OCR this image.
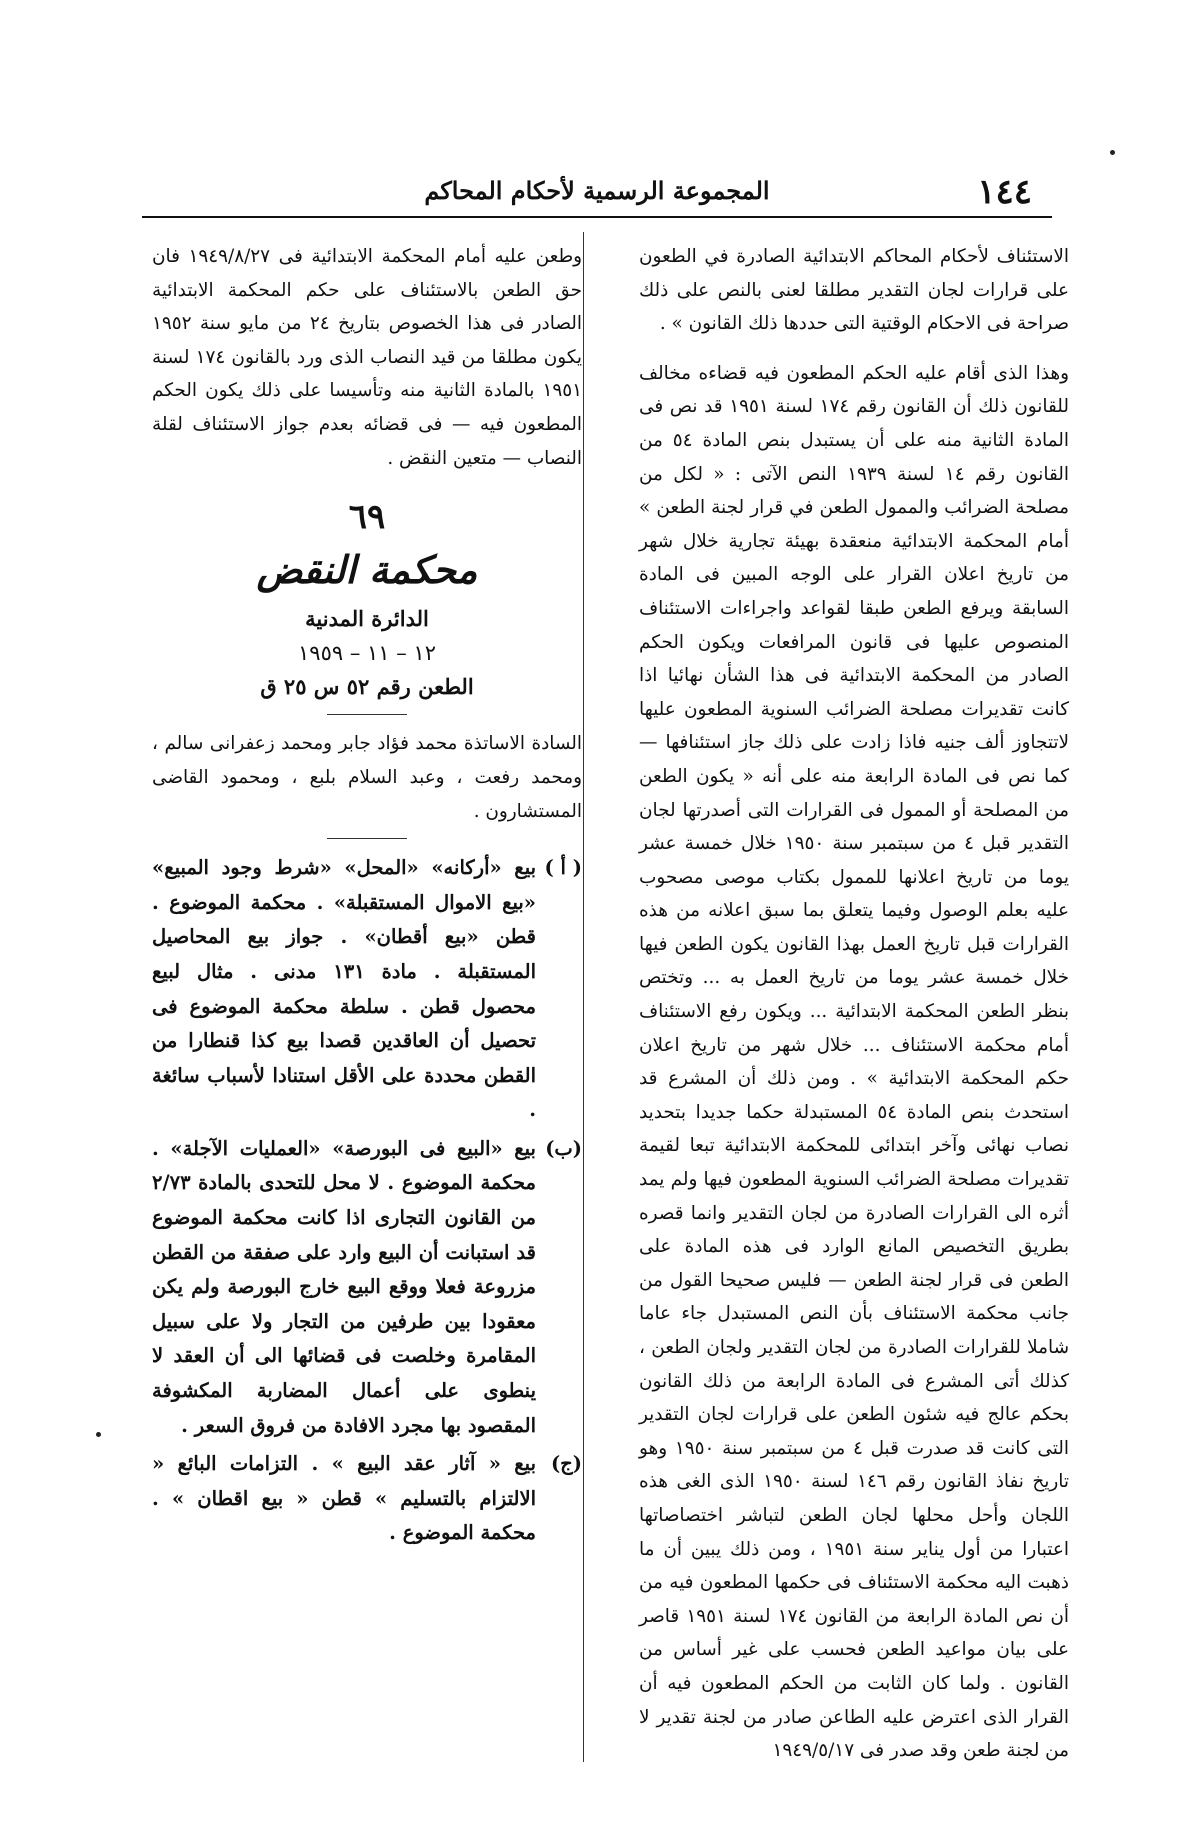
١٤٤
المجموعة الرسمية لأحكام المحاكم

الاستئناف لأحكام المحاكم الابتدائية الصادرة في الطعون على قرارات لجان التقدير مطلقا لعنى بالنص على ذلك صراحة فى الاحكام الوقتية التى حددها ذلك القانون » .

وهذا الذى أقام عليه الحكم المطعون فيه قضاءه مخالف للقانون ذلك أن القانون رقم ١٧٤ لسنة ١٩٥١ قد نص فى المادة الثانية منه على أن يستبدل بنص المادة ٥٤ من القانون رقم ١٤ لسنة ١٩٣٩ النص الآتى : « لكل من مصلحة الضرائب والممول الطعن في قرار لجنة الطعن » أمام المحكمة الابتدائية منعقدة بهيئة تجارية خلال شهر من تاريخ اعلان القرار على الوجه المبين فى المادة السابقة ويرفع الطعن طبقا لقواعد واجراءات الاستئناف المنصوص عليها فى قانون المرافعات ويكون الحكم الصادر من المحكمة الابتدائية فى هذا الشأن نهائيا اذا كانت تقديرات مصلحة الضرائب السنوية المطعون عليها لاتتجاوز ألف جنيه فاذا زادت على ذلك جاز استئنافها — كما نص فى المادة الرابعة منه على أنه « يكون الطعن من المصلحة أو الممول فى القرارات التى أصدرتها لجان التقدير قبل ٤ من سبتمبر سنة ١٩٥٠ خلال خمسة عشر يوما من تاريخ اعلانها للممول بكتاب موصى مصحوب عليه بعلم الوصول وفيما يتعلق بما سبق اعلانه من هذه القرارات قبل تاريخ العمل بهذا القانون يكون الطعن فيها خلال خمسة عشر يوما من تاريخ العمل به ... وتختص بنظر الطعن المحكمة الابتدائية ... ويكون رفع الاستئناف أمام محكمة الاستئناف ... خلال شهر من تاريخ اعلان حكم المحكمة الابتدائية » . ومن ذلك أن المشرع قد استحدث بنص المادة ٥٤ المستبدلة حكما جديدا بتحديد نصاب نهائى وآخر ابتدائى للمحكمة الابتدائية تبعا لقيمة تقديرات مصلحة الضرائب السنوية المطعون فيها ولم يمد أثره الى القرارات الصادرة من لجان التقدير وانما قصره بطريق التخصيص المانع الوارد فى هذه المادة على الطعن فى قرار لجنة الطعن — فليس صحيحا القول من جانب محكمة الاستئناف بأن النص المستبدل جاء عاما شاملا للقرارات الصادرة من لجان التقدير ولجان الطعن ، كذلك أتى المشرع فى المادة الرابعة من ذلك القانون بحكم عالج فيه شئون الطعن على قرارات لجان التقدير التى كانت قد صدرت قبل ٤ من سبتمبر سنة ١٩٥٠ وهو تاريخ نفاذ القانون رقم ١٤٦ لسنة ١٩٥٠ الذى الغى هذه اللجان وأحل محلها لجان الطعن لتباشر اختصاصاتها اعتبارا من أول يناير سنة ١٩٥١ ، ومن ذلك يبين أن ما ذهبت اليه محكمة الاستئناف فى حكمها المطعون فيه من أن نص المادة الرابعة من القانون ١٧٤ لسنة ١٩٥١ قاصر على بيان مواعيد الطعن فحسب على غير أساس من القانون . ولما كان الثابت من الحكم المطعون فيه أن القرار الذى اعترض عليه الطاعن صادر من لجنة تقدير لا من لجنة طعن وقد صدر فى ١٩٤٩/٥/١٧

وطعن عليه أمام المحكمة الابتدائية فى ١٩٤٩/٨/٢٧ فان حق الطعن بالاستئناف على حكم المحكمة الابتدائية الصادر فى هذا الخصوص بتاريخ ٢٤ من مايو سنة ١٩٥٢ يكون مطلقا من قيد النصاب الذى ورد بالقانون ١٧٤ لسنة ١٩٥١ بالمادة الثانية منه وتأسيسا على ذلك يكون الحكم المطعون فيه — فى قضائه بعدم جواز الاستئناف لقلة النصاب — متعين النقض .

٦٩
محكمة النقض

الدائرة المدنية

١٢ – ١١ – ١٩٥٩

الطعن رقم ٥٢ س ٢٥ ق

السادة الاساتذة محمد فؤاد جابر ومحمد زعفرانى سالم ، ومحمد رفعت ، وعبد السلام بلبع ، ومحمود القاضى المستشارون .

( أ )
بيع «أركانه» «المحل» «شرط وجود المبيع» «بيع الاموال المستقبلة» . محكمة الموضوع . قطن «بيع أقطان» . جواز بيع المحاصيل المستقبلة . مادة ١٣١ مدنى . مثال لبيع محصول قطن . سلطة محكمة الموضوع فى تحصيل أن العاقدين قصدا بيع كذا قنطارا من القطن محددة على الأقل استنادا لأسباب سائغة .

(ب)
بيع «البيع فى البورصة» «العمليات الآجلة» . محكمة الموضوع . لا محل للتحدى بالمادة ٢/٧٣ من القانون التجارى اذا كانت محكمة الموضوع قد استبانت أن البيع وارد على صفقة من القطن مزروعة فعلا ووقع البيع خارج البورصة ولم يكن معقودا بين طرفين من التجار ولا على سبيل المقامرة وخلصت فى قضائها الى أن العقد لا ينطوى على أعمال المضاربة المكشوفة المقصود بها مجرد الافادة من فروق السعر .

(ج)
بيع « آثار عقد البيع » . التزامات البائع « الالتزام بالتسليم » قطن « بيع اقطان » . محكمة الموضوع .
